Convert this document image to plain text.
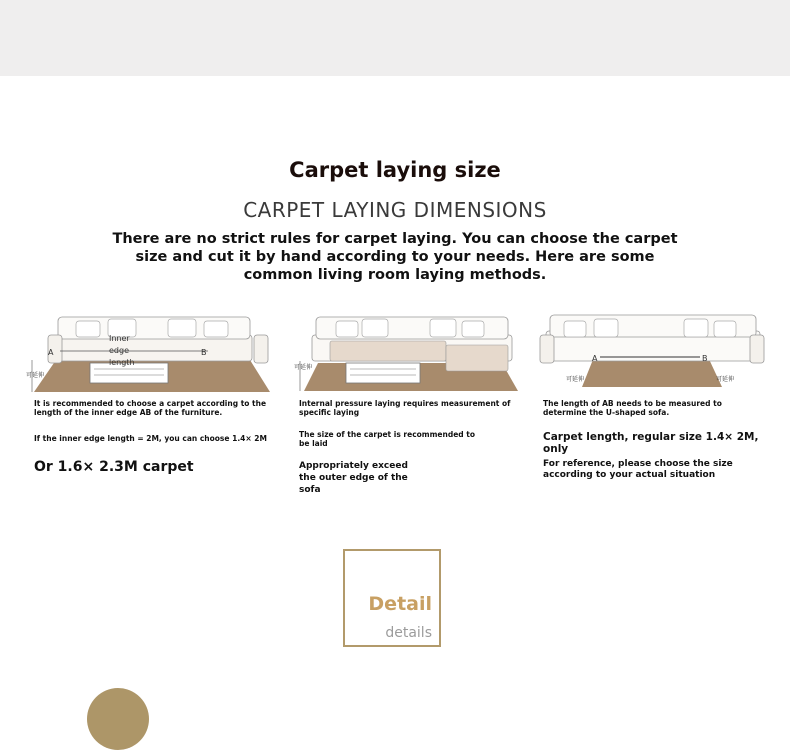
Carpet laying size
CARPET LAYING DIMENSIONS
There are no strict rules for carpet laying. You can choose the carpet size and cut it by hand according to your needs. Here are some common living room laying methods.
Inner
edge
length
A	B
可延伸
可延伸
A	B
可延伸	可延伸
It is recommended to choose a carpet according to the length of the inner edge AB of the furniture.
If the inner edge length = 2M, you can choose 1.4× 2M
Or 1.6× 2.3M carpet
Internal pressure laying requires measurement of specific laying
The size of the carpet is recommended to be laid
Appropriately exceed the outer edge of the sofa
The length of AB needs to be measured to determine the U-shaped sofa.
Carpet length, regular size 1.4× 2M, only
For reference, please choose the size according to your actual situation
Detail
details
